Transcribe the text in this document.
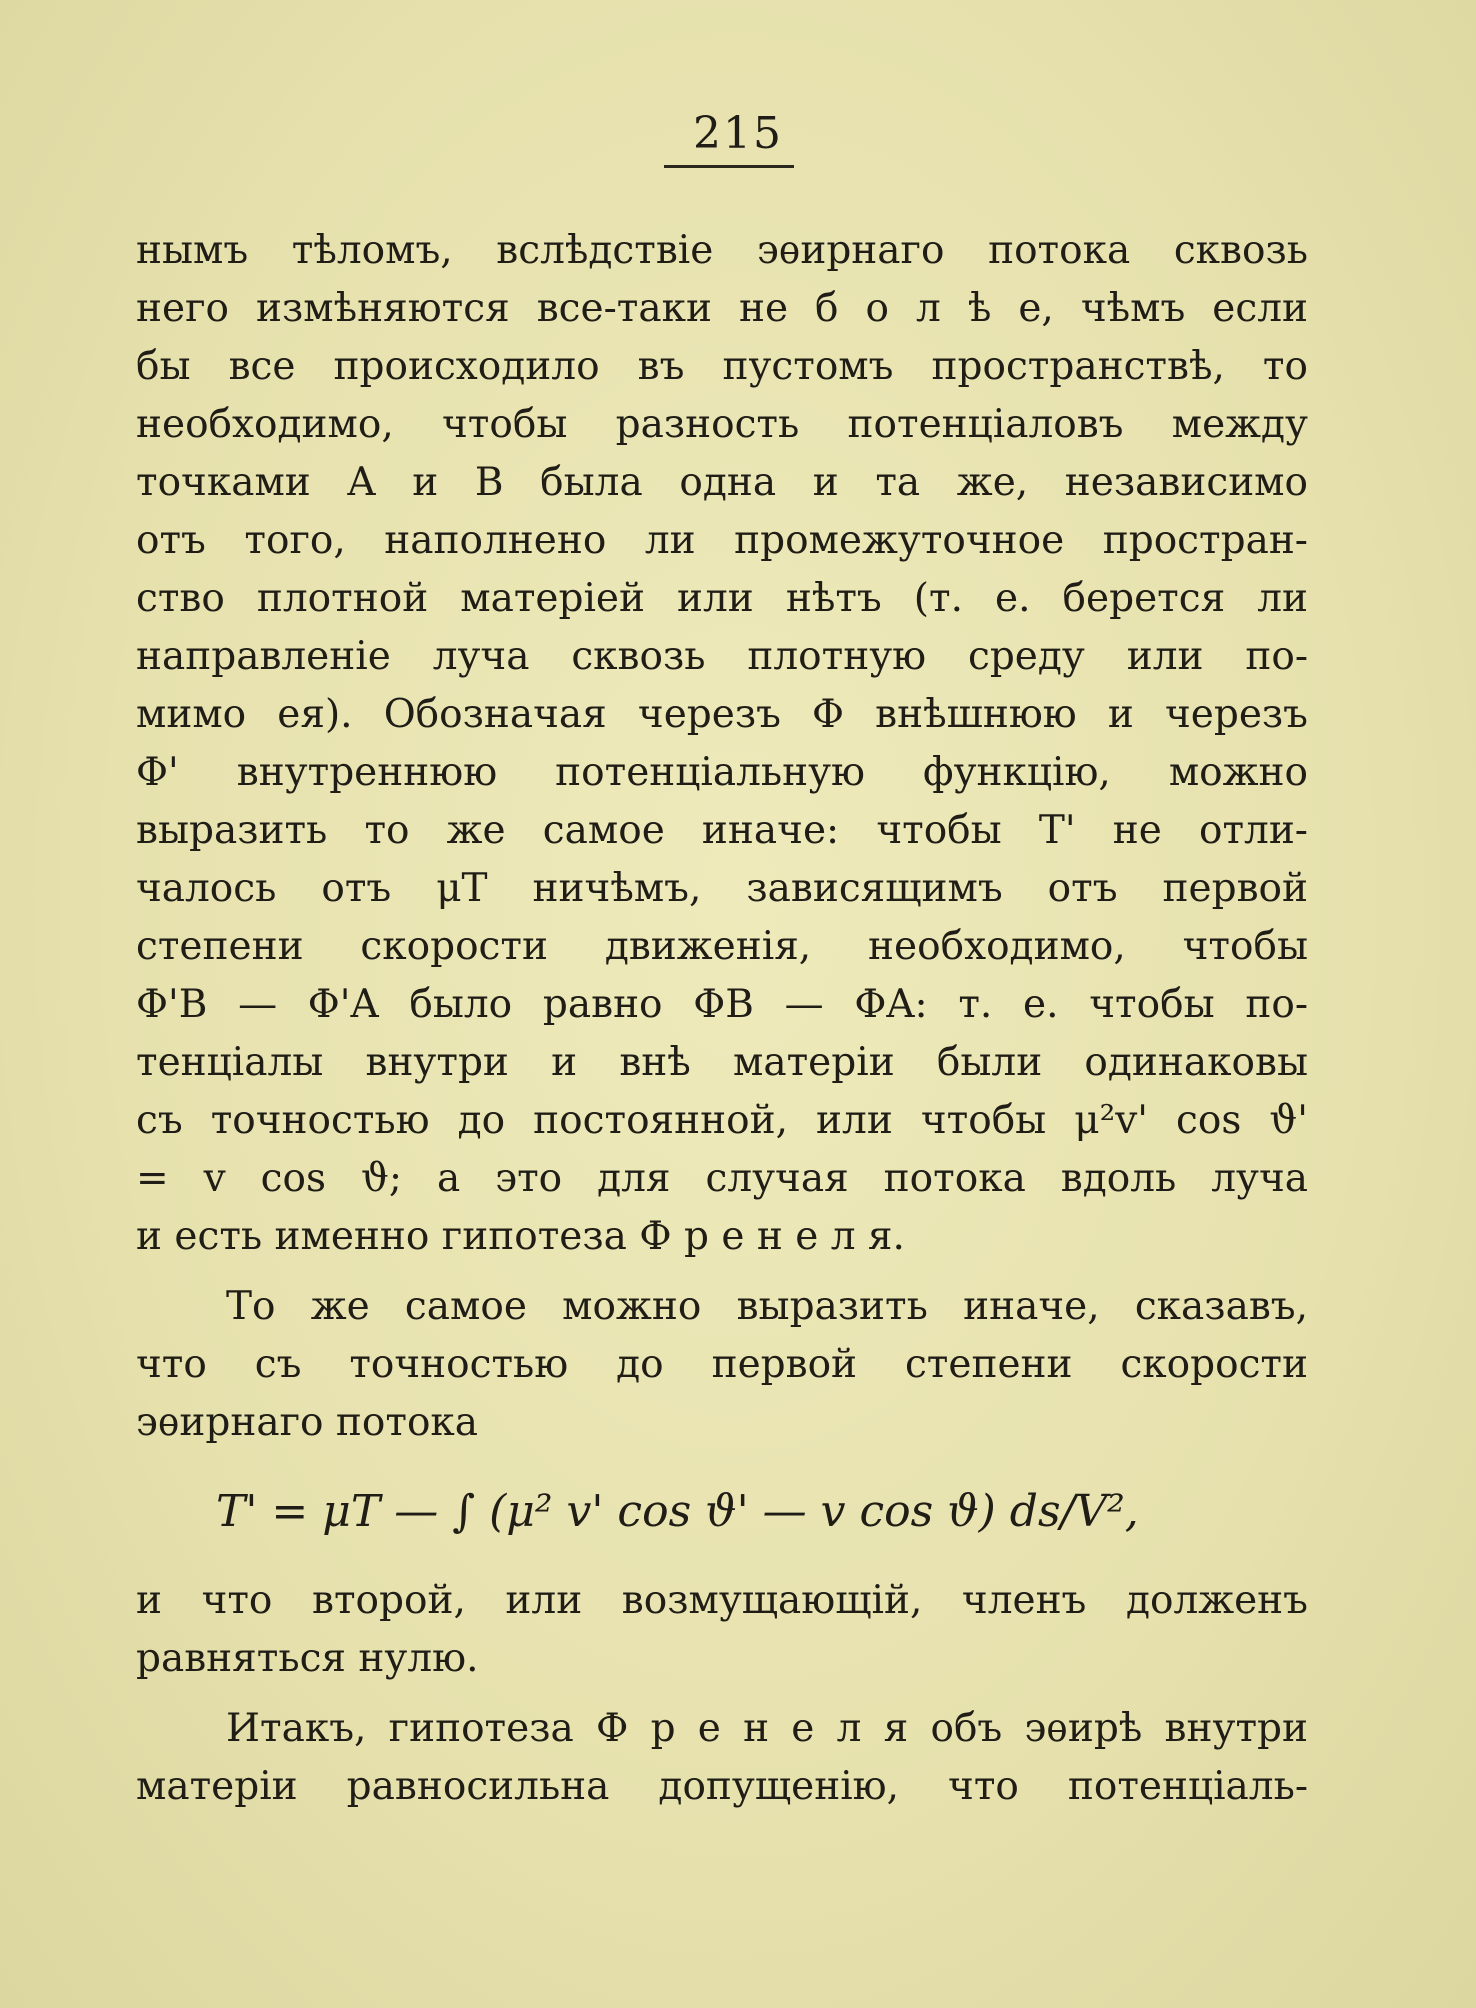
215
нымъ тѣломъ, вслѣдствіе эѳирнаго потока сквозь
него измѣняются все-таки не б о л ѣ е, чѣмъ если
бы все происходило въ пустомъ пространствѣ, то
необходимо, чтобы разность потенціаловъ между
точками A и B была одна и та же, независимо
отъ того, наполнено ли промежуточное простран-
ство плотной матеріей или нѣтъ (т. е. берется ли
направленіе луча сквозь плотную среду или по-
мимо ея). Обозначая черезъ Φ внѣшнюю и черезъ
Φ' внутреннюю потенціальную функцію, можно
выразить то же самое иначе: чтобы T' не отли-
чалось отъ μT ничѣмъ, зависящимъ отъ первой
степени скорости движенія, необходимо, чтобы
Φ'B — Φ'A было равно ΦB — ΦA: т. е. чтобы по-
тенціалы внутри и внѣ матеріи были одинаковы
съ точностью до постоянной, или чтобы μ²v' cos ϑ'
= v cos ϑ; а это для случая потока вдоль луча
и есть именно гипотеза Ф р е н е л я.
То же самое можно выразить иначе, сказавъ,
что съ точностью до первой степени скорости
эѳирнаго потока
T' = μT — ∫ (μ² v' cos ϑ' — v cos ϑ) ds/V²,
и что второй, или возмущающій, членъ долженъ
равняться нулю.
Итакъ, гипотеза Ф р е н е л я объ эѳирѣ внутри
матеріи равносильна допущенію, что потенціаль-
